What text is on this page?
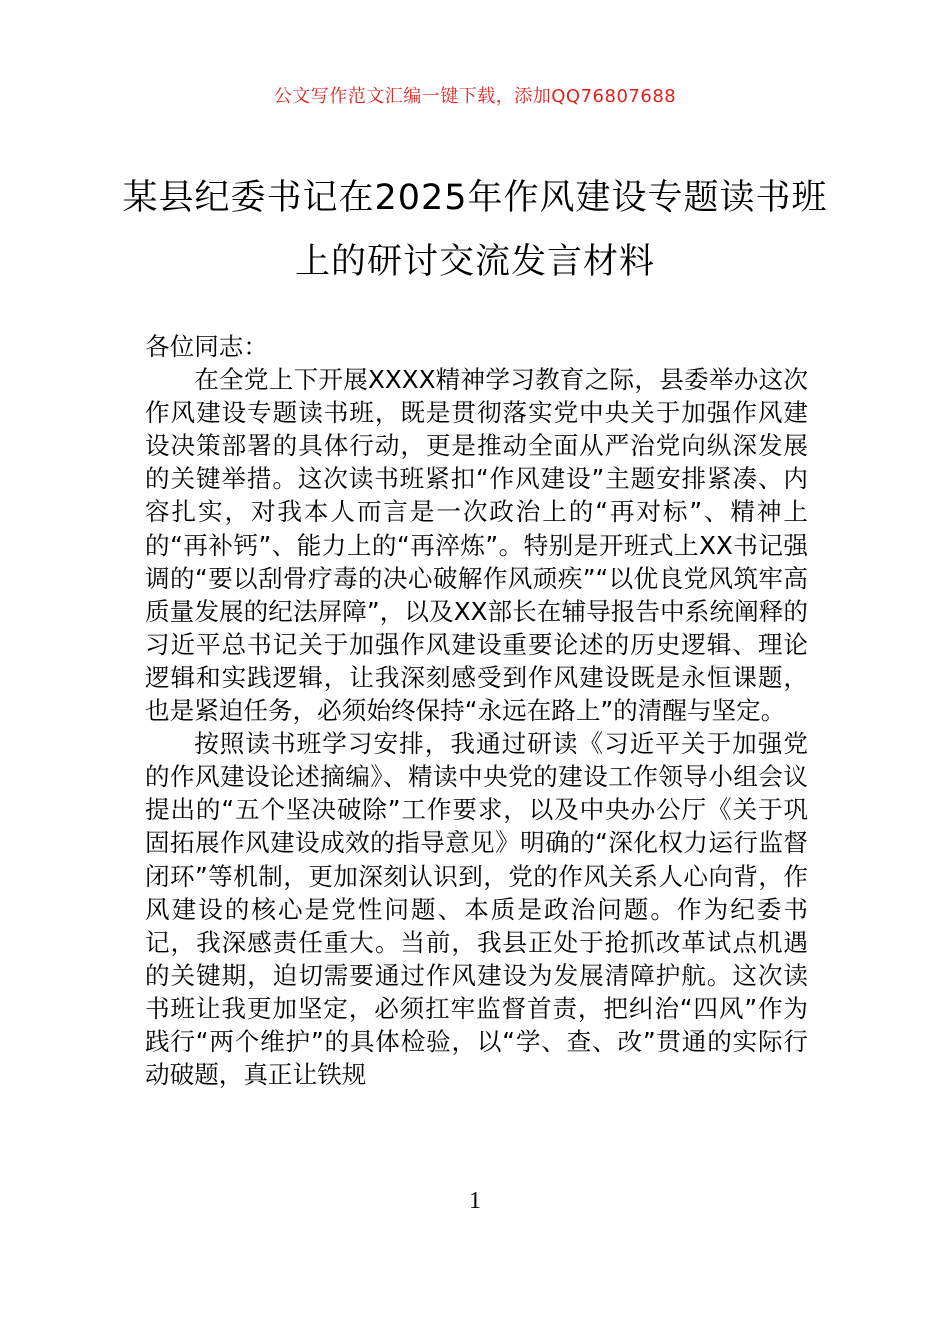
公文写作范文汇编一键下载，添加QQ76807688
某县纪委书记在2025年作风建设专题读书班上的研讨交流发言材料

各位同志：

在全党上下开展XXXX精神学习教育之际，县委举办这次作风建设专题读书班，既是贯彻落实党中央关于加强作风建设决策部署的具体行动，更是推动全面从严治党向纵深发展的关键举措。这次读书班紧扣“作风建设”主题安排紧凑、内容扎实，对我本人而言是一次政治上的“再对标”、精神上的“再补钙”、能力上的“再淬炼”。特别是开班式上XX书记强调的“要以刮骨疗毒的决心破解作风顽疾”“以优良党风筑牢高质量发展的纪法屏障”，以及XX部长在辅导报告中系统阐释的习近平总书记关于加强作风建设重要论述的历史逻辑、理论逻辑和实践逻辑，让我深刻感受到作风建设既是永恒课题，也是紧迫任务，必须始终保持“永远在路上”的清醒与坚定。

按照读书班学习安排，我通过研读《习近平关于加强党的作风建设论述摘编》、精读中央党的建设工作领导小组会议提出的“五个坚决破除”工作要求，以及中央办公厅《关于巩固拓展作风建设成效的指导意见》明确的“深化权力运行监督闭环”等机制，更加深刻认识到，党的作风关系人心向背，作风建设的核心是党性问题、本质是政治问题。作为纪委书记，我深感责任重大。当前，我县正处于抢抓改革试点机遇的关键期，迫切需要通过作风建设为发展清障护航。这次读书班让我更加坚定，必须扛牢监督首责，把纠治“四风”作为践行“两个维护”的具体检验，以“学、查、改”贯通的实际行动破题，真正让铁规

1
